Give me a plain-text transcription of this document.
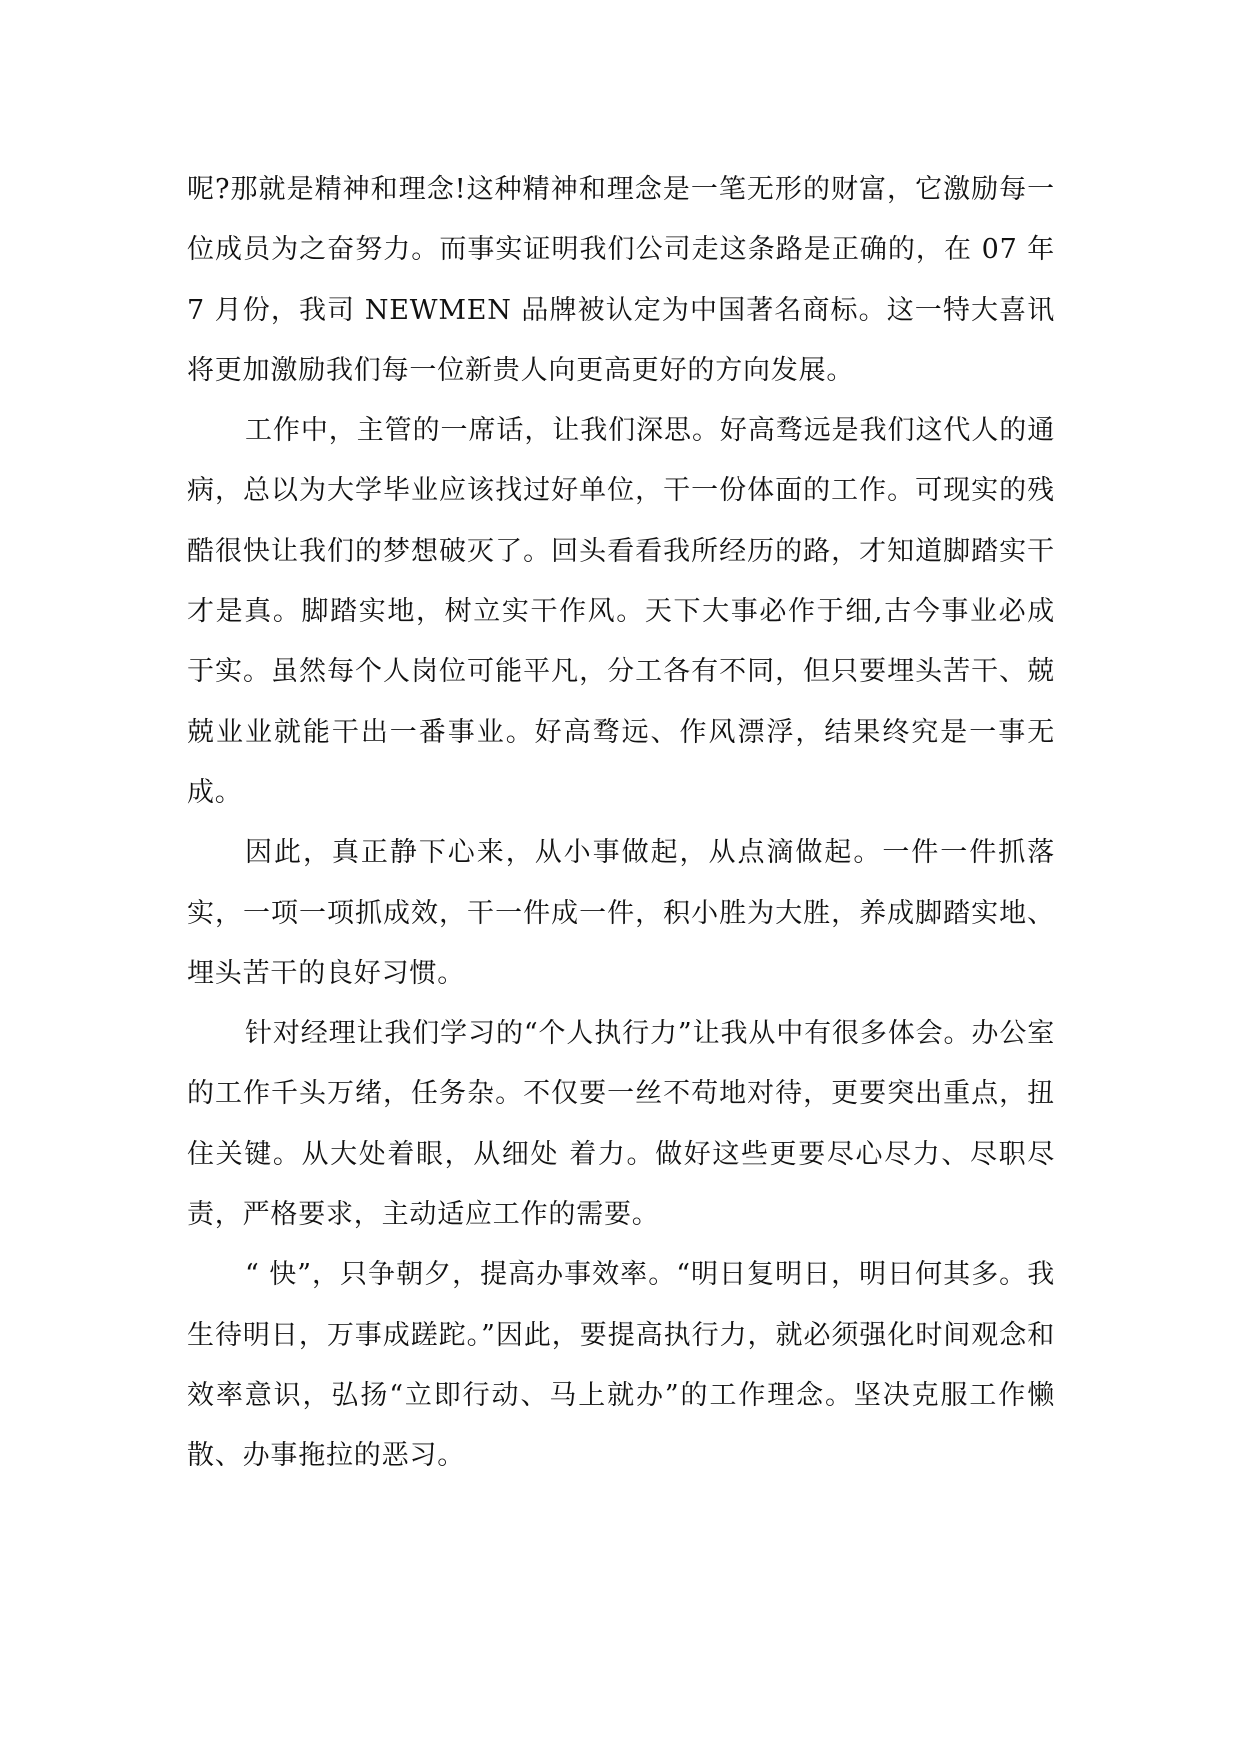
呢?那就是精神和理念!这种精神和理念是一笔无形的财富，它激励每一位成员为之奋努力。而事实证明我们公司走这条路是正确的，在 07 年 7 月份，我司 NEWMEN 品牌被认定为中国著名商标。这一特大喜讯将更加激励我们每一位新贵人向更高更好的方向发展。

工作中，主管的一席话，让我们深思。好高骛远是我们这代人的通病，总以为大学毕业应该找过好单位，干一份体面的工作。可现实的残酷很快让我们的梦想破灭了。回头看看我所经历的路，才知道脚踏实干才是真。脚踏实地，树立实干作风。天下大事必作于细,古今事业必成于实。虽然每个人岗位可能平凡，分工各有不同，但只要埋头苦干、兢兢业业就能干出一番事业。好高骛远、作风漂浮，结果终究是一事无成。

因此，真正静下心来，从小事做起，从点滴做起。一件一件抓落实，一项一项抓成效，干一件成一件，积小胜为大胜，养成脚踏实地、埋头苦干的良好习惯。

针对经理让我们学习的“个人执行力”让我从中有很多体会。办公室的工作千头万绪，任务杂。不仅要一丝不苟地对待，更要突出重点，扭住关键。从大处着眼，从细处 着力。做好这些更要尽心尽力、尽职尽责，严格要求，主动适应工作的需要。

“ 快”，只争朝夕，提高办事效率。“明日复明日，明日何其多。我生待明日，万事成蹉跎。”因此，要提高执行力，就必须强化时间观念和效率意识，弘扬“立即行动、马上就办”的工作理念。坚决克服工作懒散、办事拖拉的恶习。
